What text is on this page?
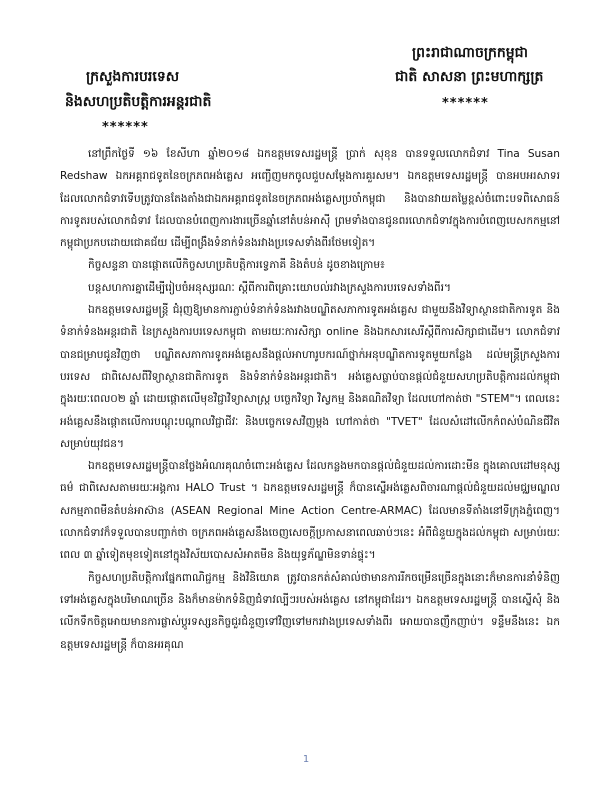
ព្រះរាជាណាចក្រកម្ពុជា
ក្រសួងការបរទេស	ជាតិ សាសនា ព្រះមហាក្សត្រ
និងសហប្រតិបត្តិការអន្តរជាតិ	******
******

នៅព្រឹកថ្ងៃទី ១៦ ខែសីហា ឆ្នាំ២០១៨ ឯកឧត្តមទេសរដ្ឋមន្ត្រី ប្រាក់ សុខុន បានទទួលលោកជំទាវ Tina Susan Redshaw ឯកអគ្គរាជទូតនៃចក្រភពអង់គ្លេស អញ្ជើញមកចូលជួបសម្តែងការគួរសម។ ឯកឧត្តមទេសរដ្ឋមន្ត្រី បានអបអរសាទរដែលលោកជំទាវទើបត្រូវបានតែងតាំងជាឯកអគ្គរាជទូតនៃចក្រភពអង់គ្លេសប្រចាំកម្ពុជា និងបានវាយតម្លៃខ្ពស់ចំពោះបទពិសោធន៍ការទូតរបស់លោកជំទាវ ដែលបានបំពេញការងារច្រើនឆ្នាំនៅតំបន់អាស៊ី ព្រមទាំងបានជូនពរលោកជំទាវក្នុងការបំពេញបេសកកម្មនៅកម្ពុជាប្រកបដោយជោគជ័យ ដើម្បីពង្រឹងទំនាក់ទំនងរវាងប្រទេសទាំងពីរថែមទៀត។

កិច្ចសន្ទនា បានផ្តោតលើកិច្ចសហប្រតិបត្តិការទ្វេភាគី និងតំបន់ ដូចខាងក្រោម៖

បន្តសហការគ្នាដើម្បីរៀបចំអនុស្សរណៈ ស្តីពីការពិគ្រោះយោបល់រវាងក្រសួងការបរទេសទាំងពីរ។

ឯកឧត្តមទេសរដ្ឋមន្ត្រី ជំរុញឱ្យមានការភ្ជាប់ទំនាក់ទំនងរវាងបណ្ឌិតសភាការទូតអង់គ្លេស ជាមួយនឹងវិទ្យាស្ថានជាតិការទូត និងទំនាក់ទំនងអន្តរជាតិ នៃក្រសួងការបរទេសកម្ពុជា តាមរយៈការសិក្សា online និងឯកសារសេរីស្តីពីការសិក្សាជាដើម។ លោកជំទាវបានជម្រាបជូនវិញថា បណ្ឌិតសភាការទូតអង់គ្លេសនឹងផ្តល់អាហារូបករណ៍ថ្នាក់អនុបណ្ឌិតការទូតមួយកន្លែង ដល់មន្ត្រីក្រសួងការបរទេស ជាពិសេសពីវិទ្យាស្ថានជាតិការទូត និងទំនាក់ទំនងអន្តរជាតិ។ អង់គ្លេសធ្លាប់បានផ្តល់ជំនួយសហប្រតិបត្តិការដល់កម្ពុជាក្នុងរយៈពេល០២ ឆ្នាំ ដោយផ្តោតលើមុខវិជ្ជាវិទ្យាសាស្ត្រ បច្ចេកវិទ្យា វិស្វកម្ម និងគណិតវិទ្យា ដែលហៅកាត់ថា "STEM"។ ពេលនេះ អង់គ្លេសនឹងផ្តោតលើការបណ្តុះបណ្តាលវិជ្ជាជីវៈ និងបច្ចេកទេសវិញម្តង ហៅកាត់ថា "TVET" ដែលសំដៅលើកកំពស់បំណិនជីវិតសម្រាប់យុវជន។

ឯកឧត្តមទេសរដ្ឋមន្ត្រីបានថ្លែងអំណរគុណចំពោះអង់គ្លេស ដែលកន្លងមកបានផ្តល់ជំនួយដល់ការដោះមីន ក្នុងគោលដៅមនុស្សធម៌ ជាពិសេសតាមរយៈអង្គការ HALO Trust ។ ឯកឧត្តមទេសរដ្ឋមន្ត្រី ក៏បានស្នើអង់គ្លេសពិចារណាផ្តល់ជំនួយដល់មជ្ឈមណ្ឌលសកម្មភាពមីនតំបន់អាស៊ាន (ASEAN Regional Mine Action Centre-ARMAC) ដែលមានទីតាំងនៅទីក្រុងភ្នំពេញ។ លោកជំទាវក៏ទទួលបានបញ្ជាក់ថា ចក្រភពអង់គ្លេសនឹងចេញសេចក្តីប្រកាសនាពេលឆាប់ៗនេះ អំពីជំនួយក្នុងដល់កម្ពុជា សម្រាប់រយៈពេល ៣ ឆ្នាំទៀតមុខទៀតនៅក្នុងវិស័យបោសសំអាតមីន និងយុទ្ធភ័ណ្ឌមិនទាន់ផ្ទុះ។

កិច្ចសហប្រតិបត្តិការផ្នែកពាណិជ្ជកម្ម និងវិនិយោគ ត្រូវបានកត់សំគាល់ថាមានការរីកចម្រើនច្រើនក្នុងនោះក៏មានការនាំទំនិញទៅអង់គ្លេសក្នុងបរិមាណច្រើន និងក៏មានម៉ាកទំនិញជំទាវល្បីៗរបស់អង់គ្លេស នៅកម្ពុជាដែរ។ ឯកឧត្តមទេសរដ្ឋមន្ត្រី បានស្នើសុំ និងលើកទឹកចិត្តអោយមានការផ្លាស់ប្តូរទស្សនកិច្ចជួរជំនួញទៅវិញទៅមករវាងប្រទេសទាំងពីរ អោយបានញឹកញាប់។ ទន្ទឹមនឹងនេះ ឯកឧត្តមទេសរដ្ឋមន្ត្រី ក៏បានអរគុណ

1
